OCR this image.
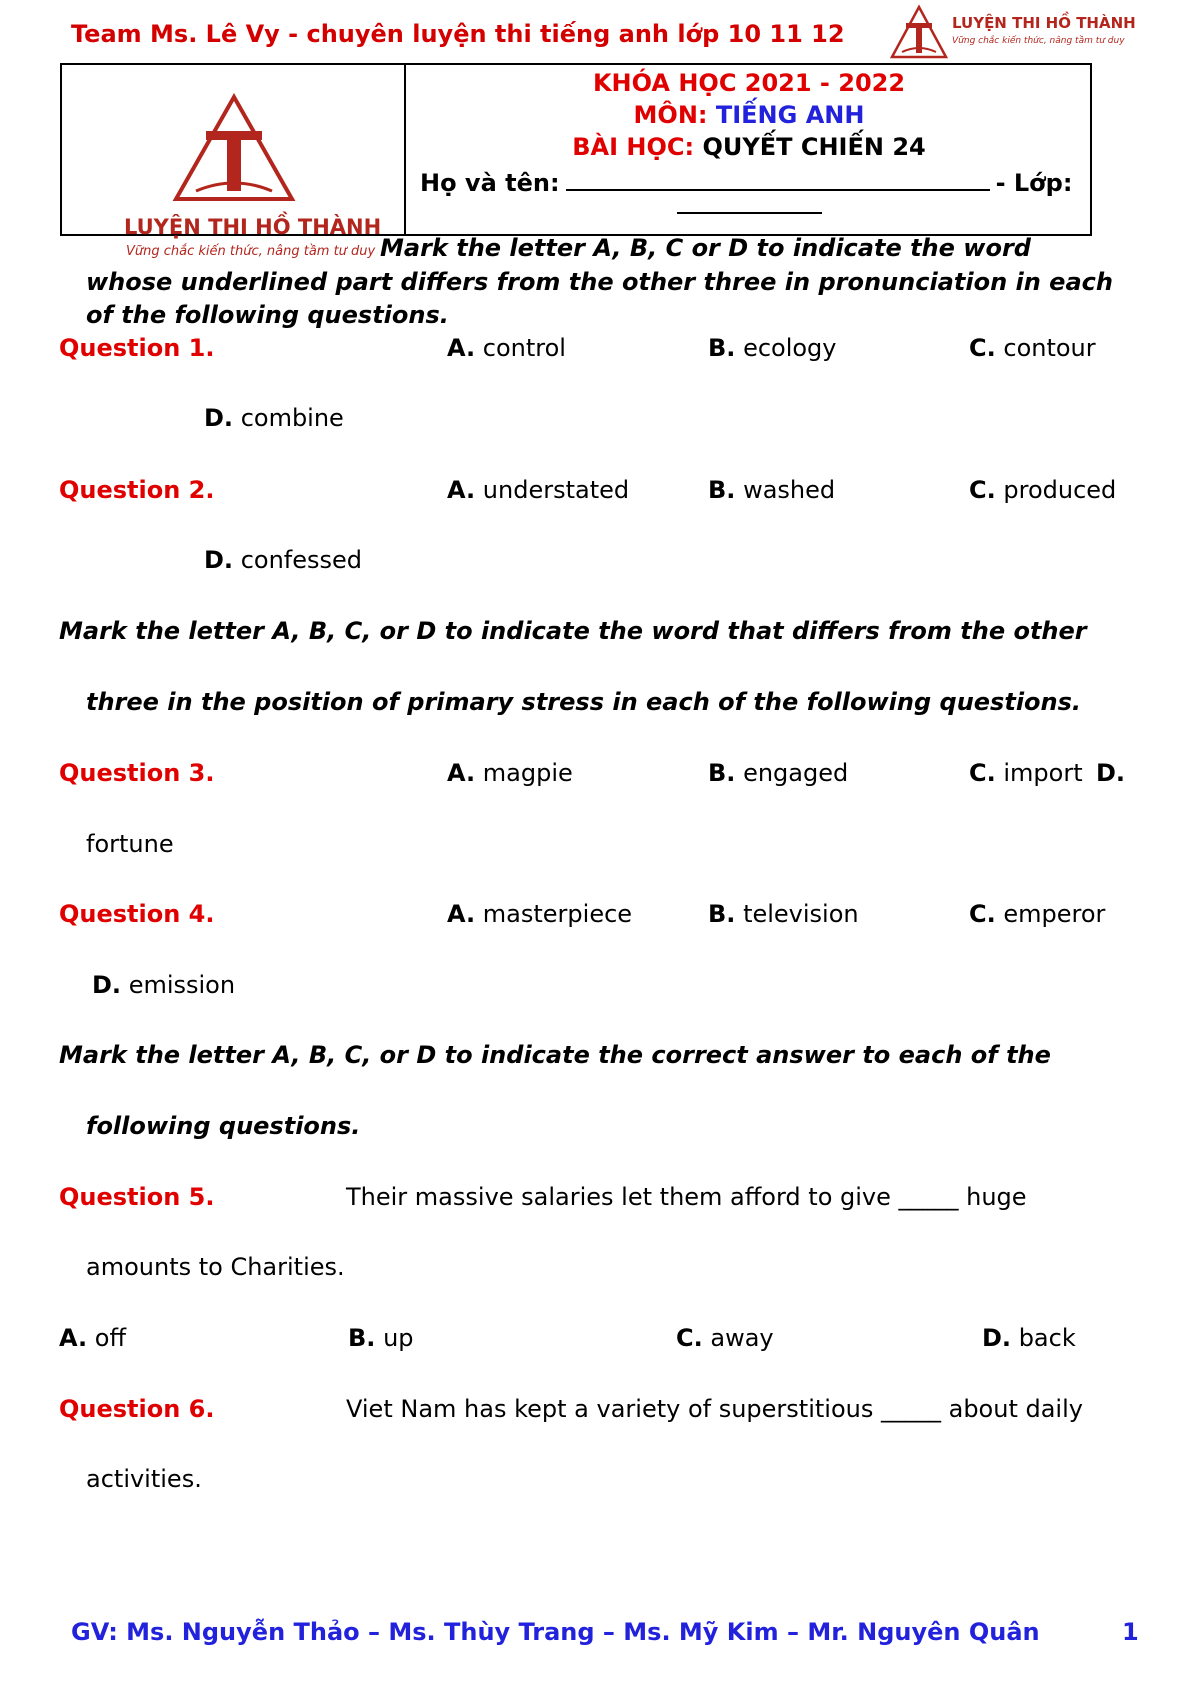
Team Ms. Lê Vy - chuyên luyện thi tiếng anh lớp 10 11 12	LUYỆN THI HỒ THÀNH
Vững chắc kiến thức, nâng tầm tư duy
LUYỆN THI HỒ THÀNH
KHÓA HỌC 2021 - 2022
MÔN: TIẾNG ANH
BÀI HỌC: QUYẾT CHIẾN 24
Họ và tên:	- Lớp:
Vững chắc kiến thức, nâng tầm tư duy Mark the letter A, B, C or D to indicate the word
whose underlined part differs from the other three in pronunciation in each
of the following questions.
Question 1.	A. control	B. ecology	C. contour
D. combine
Question 2.	A. understated	B. washed	C. produced
D. confessed
Mark the letter A, B, C, or D to indicate the word that differs from the other
three in the position of primary stress in each of the following questions.
Question 3.	A. magpie	B. engaged	C. import D.
fortune
Question 4.	A. masterpiece	B. television	C. emperor
D. emission
Mark the letter A, B, C, or D to indicate the correct answer to each of the
following questions.
Question 5.	Their massive salaries let them afford to give _____ huge
amounts to Charities.
A. off	B. up	C. away	D. back
Question 6.	Viet Nam has kept a variety of superstitious _____ about daily
activities.
GV: Ms. Nguyễn Thảo – Ms. Thùy Trang – Ms. Mỹ Kim – Mr. Nguyên Quân	1
